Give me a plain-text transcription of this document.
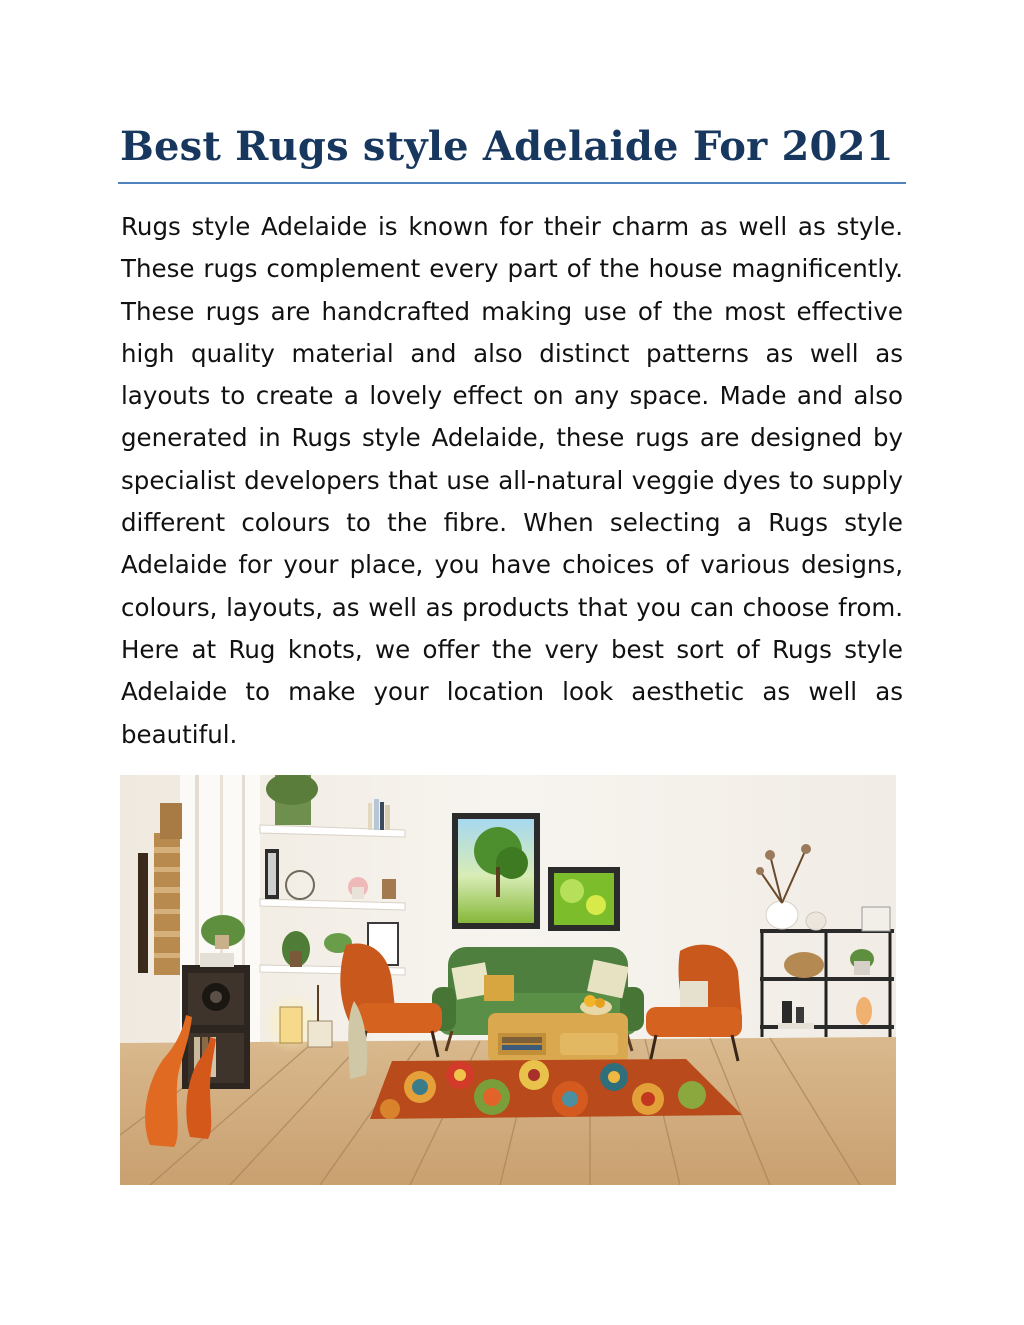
Best Rugs style Adelaide For 2021

Rugs style Adelaide is known for their charm as well as style. These rugs complement every part of the house magnificently. These rugs are handcrafted making use of the most effective high quality material and also distinct patterns as well as layouts to create a lovely effect on any space. Made and also generated in Rugs style Adelaide, these rugs are designed by specialist developers that use all-natural veggie dyes to supply different colours to the fibre. When selecting a Rugs style Adelaide for your place, you have choices of various designs, colours, layouts, as well as products that you can choose from. Here at Rug knots, we offer the very best sort of Rugs style Adelaide to make your location look aesthetic as well as beautiful.
